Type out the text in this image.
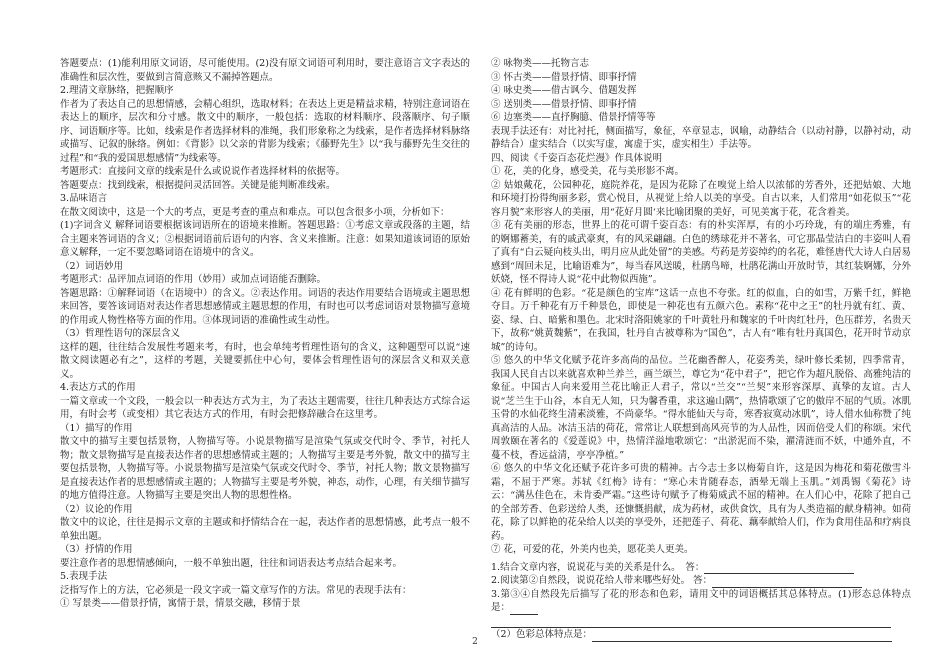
答题要点：(1)能利用原文词语，尽可能使用。(2)没有原文词语可利用时，要注意语言文字表达的准确性和层次性，要做到言简意赅又不漏掉答题点。

2.理清文章脉络，把握顺序

作者为了表达自己的思想情感，会精心组织，选取材料；在表达上更是精益求精，特别注意词语在表达上的顺序，层次和分寸感。散文中的顺序，一般包括：选取的材料顺序、段落顺序、句子顺序、词语顺序等。比如，线索是作者选择材料的准绳，我们形象称之为线索，是作者选择材料脉络或描写、记叙的脉络。例如：《背影》以父亲的背影为线索；《藤野先生》以“我与藤野先生交往的过程”和“我的爱国思想感情”为线索等。

考题形式：直接问文章的线索是什么或说说作者选择材料的依据等。

答题要点：找到线索，根据提问灵活回答。关键是能判断准线索。

3.品味语言

在散文阅读中，这是一个大的考点，更是考查的重点和难点。可以包含很多小项，分析如下：

(1)字词含义 解释词语要根据该词语所在的语境来推断。答题思路：①考虑文章或段落的主题，结合主题来答词语的含义；②根据词语前后语句的内容、含义来推断。注意：如果知道该词语的原始意义解释，一定不要忽略词语在语境中的含义。

（2）词语妙用

考题形式：品评加点词语的作用（妙用）或加点词语能否删除。

答题思路：①解释词语（在语境中）的含义。②表达作用。词语的表达作用要结合语境或主题思想来回答，要答该词语对表达作者思想感情或主题思想的作用，有时也可以考虑词语对景物描写意境的作用或人物性格等方面的作用。③体现词语的准确性或生动性。

（3）哲理性语句的深层含义

这样的题，往往结合发展性考题来考，有时，也会单纯考哲理性语句的含义，这种题型可以说“速散文阅读题必有之”，这样的考题，关键要抓住中心句，要体会哲理性语句的深层含义和双关意义。

4.表达方式的作用

一篇文章或一个文段，一般会以一种表达方式为主，为了表达主题需要，往往几种表达方式综合运用，有时会考（或变相）其它表达方式的作用，有时会把修辞融合在这里考。

（1）描写的作用

散文中的描写主要包括景物，人物描写等。小说景物描写是渲染气氛或交代时令、季节，衬托人物；散文景物描写是直接表达作者的思想感情或主题的；人物描写主要是考外貌，散文中的描写主要包括景物，人物描写等。小说景物描写是渲染气氛或交代时令、季节，衬托人物；散文景物描写是直接表达作者的思想感情或主题的；人物描写主要是考外貌，神态，动作，心理，有关细节描写的地方值得注意。人物描写主要是突出人物的思想性格。

（2）议论的作用

散文中的议论，往往是揭示文章的主题或和抒情结合在一起，表达作者的思想情感，此考点一般不单独出题。

（3）抒情的作用

要注意作者的思想情感倾向，一般不单独出题，往往和词语表达考点结合起来考。

5.表现手法

泛指写作上的方法，它必须是一段文字或一篇文章写作的方法。常见的表现手法有：

① 写景类——借景抒情，寓情于景，情景交融，移情于景

② 咏物类——托物言志

③ 怀古类——借景抒情、即事抒情

④ 咏史类——借古讽今、借题发挥

⑤ 送别类——借景抒情、即事抒情

⑥ 边塞类——直抒胸臆、借景抒情等等

表现手法还有：对比衬托，侧面描写，象征，卒章显志，讽喻，动静结合（以动衬静，以静衬动，动静结合）虚实结合（以实写虚，寓虚于实，虚实相生）手法等。

四、阅读《千姿百态花烂漫》作具体说明

① 花，美的化身，感受美，花与美形影不离。

② 姑娘戴花，公园种花，庭院养花，是因为花除了在嗅觉上给人以浓郁的芳香外，还把姑娘、大地和环境打扮得绚丽多彩，赏心悦目，从视觉上给人以美的享受。自古以来，人们常用“如花似玉”“花容月貌”来形容人的美丽，用“花好月圆‘来比喻团聚的美好，可见美寓于花，花含着美。

③ 花有美丽的形态，世界上的花可谓千姿百态：有的朴实浑厚，有的小巧玲珑，有的端庄秀雅，有的婀娜蓄美，有的戚武豪爽，有的风采翩翩。白色的绣球花并不著名，可它那晶莹洁白的丰姿叫人看了真有“白云疑向枝头出，明月应从此处留”的美感。芍药是芳姿绰约的名花，难怪唐代大诗人白居易感到“周回未足，比喻语难为”，每当春风送暖，杜鹃鸟啼，杜鹃花满山开放时节，其红装婀娜，分外妖娆，怪不得诗人说“花中此物似西施”。

④ 花有鲜明的色彩。“花是颜色的宝库”这话一点也不夸张。红的似血，白的如雪，万紫千红，鲜艳夺目。万千种花有万千种景色，即使是一种花也有五颜六色。素称“花中之王”的牡丹就有红、黄、姿、绿、白、暗紫和墨色。北宋时洛阳姚家的千叶黄牡丹和魏家的千叶肉红牡丹，色压群芳，名贵天下，故称“姚黄魏紫”，在我国，牡丹自古被尊称为“国色”，古人有“唯有牡丹真国色，花开时节动京城”的诗句。

⑤ 悠久的中华文化赋予花许多高尚的品位。兰花幽香醉人，花姿秀美，绿叶修长柔韧，四季常青，我国人民自古以来就喜欢种兰养兰，画兰颂兰，尊它为“花中君子”，把它作为超凡脱俗、高雅纯洁的象征。中国古人向来爱用兰花比喻正人君子，常以“兰交”“兰契”来形容深厚、真挚的友谊。古人说“芝兰生于山谷，本自无人知，只为馨香重，求这遍山隅”，热情歌颂了它的傲岸不屈的气质。冰肌玉骨的水仙花终生清素淡雅，不尚豪华。“得水能仙天与奇，寒香寂寞动冰肌”，诗人借水仙称赞了纯真高洁的人品。冰洁玉洁的荷花，常常让人联想到高风亮节的为人品性，因而倍受人们的称颂。宋代周敦颐在著名的《爱莲说》中，热情洋溢地歌颂它：“出淤泥而不染，濯清涟而不妖，中通外直，不蔓不枝，香远益清，亭亭净植。”

⑥ 悠久的中华文化还赋予花许多可贵的精神。古今志士多以梅菊自许，这是因为梅花和菊花傲雪斗霜，不屈于严寒。苏轼《红梅》诗有：“寒心未肯随春态，酒晕无端上玉肌。”刘禹锡《菊花》诗云：“满丛佳色在，未肯委严霜。”这些诗句赋予了梅菊威武不屈的精神。在人们心中，花除了把自己的全部芳香、色彩送给人类，还慷慨捐献，成为药材，或供食饮，具有为人类造福的献身精神。如荷花，除了以鲜艳的花朵给人以美的享受外，还把莲子、荷花、藕奉献给人们，作为食用佳品和疗病良药。

⑦ 花，可爱的花，外美内也美，愿花美人更美。

1.结合文章内容，说说花与美的关系是什么。　答：

2.阅读第②自然段，说说花给人带来哪些好处。 答：

3.第③④自然段先后描写了花的形态和色彩，请用文中的词语概括其总体特点。(1)形态总体特点是：

（2）色彩总体特点是：

2
